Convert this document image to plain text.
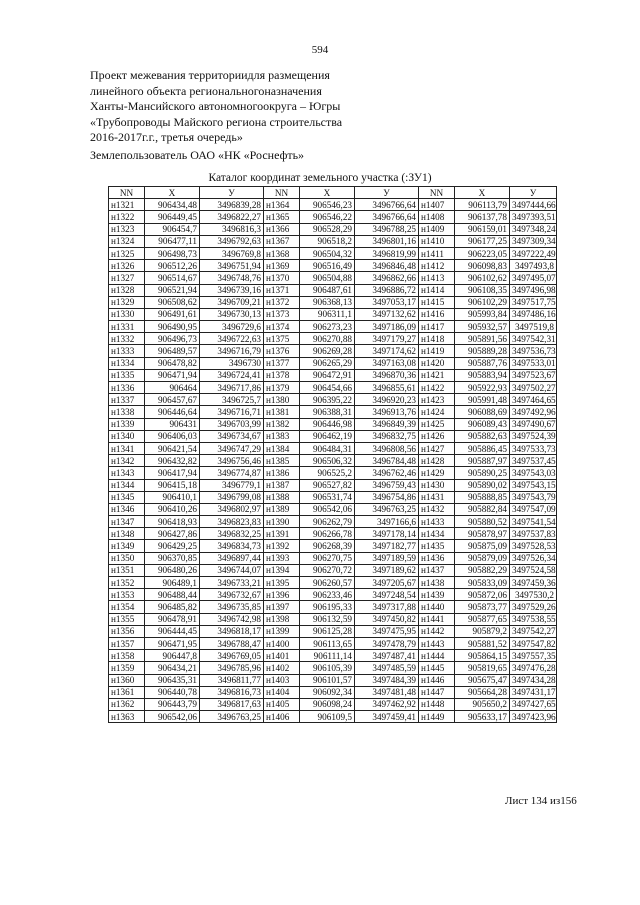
594
Проект межевания территориидля размещения
линейного объекта региональногоназначения
Ханты-Мансийского автономногоокруга – Югры
«Трубопроводы Майского региона строительства
2016-2017г.г., третья очередь»
Землепользователь ОАО «НК «Роснефть»
Каталог координат земельного участка (:ЗУ1)
NN	X	У	NN	X	У	NN	X	У
н1321	906434,48	3496839,28	н1364	906546,23	3496766,64	н1407	906113,79	3497444,66
н1322	906449,45	3496822,27	н1365	906546,22	3496766,64	н1408	906137,78	3497393,51
н1323	906454,7	3496816,3	н1366	906528,29	3496788,25	н1409	906159,01	3497348,24
н1324	906477,11	3496792,63	н1367	906518,2	3496801,16	н1410	906177,25	3497309,34
н1325	906498,73	3496769,8	н1368	906504,32	3496819,99	н1411	906223,05	3497222,49
н1326	906512,26	3496751,94	н1369	906516,49	3496846,48	н1412	906098,83	3497493,8
н1327	906514,67	3496748,76	н1370	906504,88	3496862,66	н1413	906102,62	3497495,07
н1328	906521,94	3496739,16	н1371	906487,61	3496886,72	н1414	906108,35	3497496,98
н1329	906508,62	3496709,21	н1372	906368,13	3497053,17	н1415	906102,29	3497517,75
н1330	906491,61	3496730,13	н1373	906311,1	3497132,62	н1416	905993,84	3497486,16
н1331	906490,95	3496729,6	н1374	906273,23	3497186,09	н1417	905932,57	3497519,8
н1332	906496,73	3496722,63	н1375	906270,88	3497179,27	н1418	905891,56	3497542,31
н1333	906489,57	3496716,79	н1376	906269,28	3497174,62	н1419	905889,28	3497536,73
н1334	906478,82	3496730	н1377	906265,29	3497163,08	н1420	905887,76	3497533,01
н1335	906471,94	3496724,41	н1378	906472,91	3496870,36	н1421	905883,94	3497523,67
н1336	906464	3496717,86	н1379	906454,66	3496855,61	н1422	905922,93	3497502,27
н1337	906457,67	3496725,7	н1380	906395,22	3496920,23	н1423	905991,48	3497464,65
н1338	906446,64	3496716,71	н1381	906388,31	3496913,76	н1424	906088,69	3497492,96
н1339	906431	3496703,99	н1382	906446,98	3496849,39	н1425	906089,43	3497490,67
н1340	906406,03	3496734,67	н1383	906462,19	3496832,75	н1426	905882,63	3497524,39
н1341	906421,54	3496747,29	н1384	906484,31	3496808,56	н1427	905886,45	3497533,73
н1342	906432,82	3496756,46	н1385	906506,32	3496784,48	н1428	905887,97	3497537,45
н1343	906417,94	3496774,87	н1386	906525,2	3496762,46	н1429	905890,25	3497543,03
н1344	906415,18	3496779,1	н1387	906527,82	3496759,43	н1430	905890,02	3497543,15
н1345	906410,1	3496799,08	н1388	906531,74	3496754,86	н1431	905888,85	3497543,79
н1346	906410,26	3496802,97	н1389	906542,06	3496763,25	н1432	905882,84	3497547,09
н1347	906418,93	3496823,83	н1390	906262,79	3497166,6	н1433	905880,52	3497541,54
н1348	906427,86	3496832,25	н1391	906266,78	3497178,14	н1434	905878,97	3497537,83
н1349	906429,25	3496834,73	н1392	906268,39	3497182,77	н1435	905875,09	3497528,53
н1350	906370,85	3496897,44	н1393	906270,75	3497189,59	н1436	905879,09	3497526,34
н1351	906480,26	3496744,07	н1394	906270,72	3497189,62	н1437	905882,29	3497524,58
н1352	906489,1	3496733,21	н1395	906260,57	3497205,67	н1438	905833,09	3497459,36
н1353	906488,44	3496732,67	н1396	906233,46	3497248,54	н1439	905872,06	3497530,2
н1354	906485,82	3496735,85	н1397	906195,33	3497317,88	н1440	905873,77	3497529,26
н1355	906478,91	3496742,98	н1398	906132,59	3497450,82	н1441	905877,65	3497538,55
н1356	906444,45	3496818,17	н1399	906125,28	3497475,95	н1442	905879,2	3497542,27
н1357	906471,95	3496788,47	н1400	906113,65	3497478,79	н1443	905881,52	3497547,82
н1358	906447,8	3496769,05	н1401	906111,14	3497487,41	н1444	905864,15	3497557,35
н1359	906434,21	3496785,96	н1402	906105,39	3497485,59	н1445	905819,65	3497476,28
н1360	906435,31	3496811,77	н1403	906101,57	3497484,39	н1446	905675,47	3497434,28
н1361	906440,78	3496816,73	н1404	906092,34	3497481,48	н1447	905664,28	3497431,17
н1362	906443,79	3496817,63	н1405	906098,24	3497462,92	н1448	905650,2	3497427,65
н1363	906542,06	3496763,25	н1406	906109,5	3497459,41	н1449	905633,17	3497423,96
Лист 134 из156
